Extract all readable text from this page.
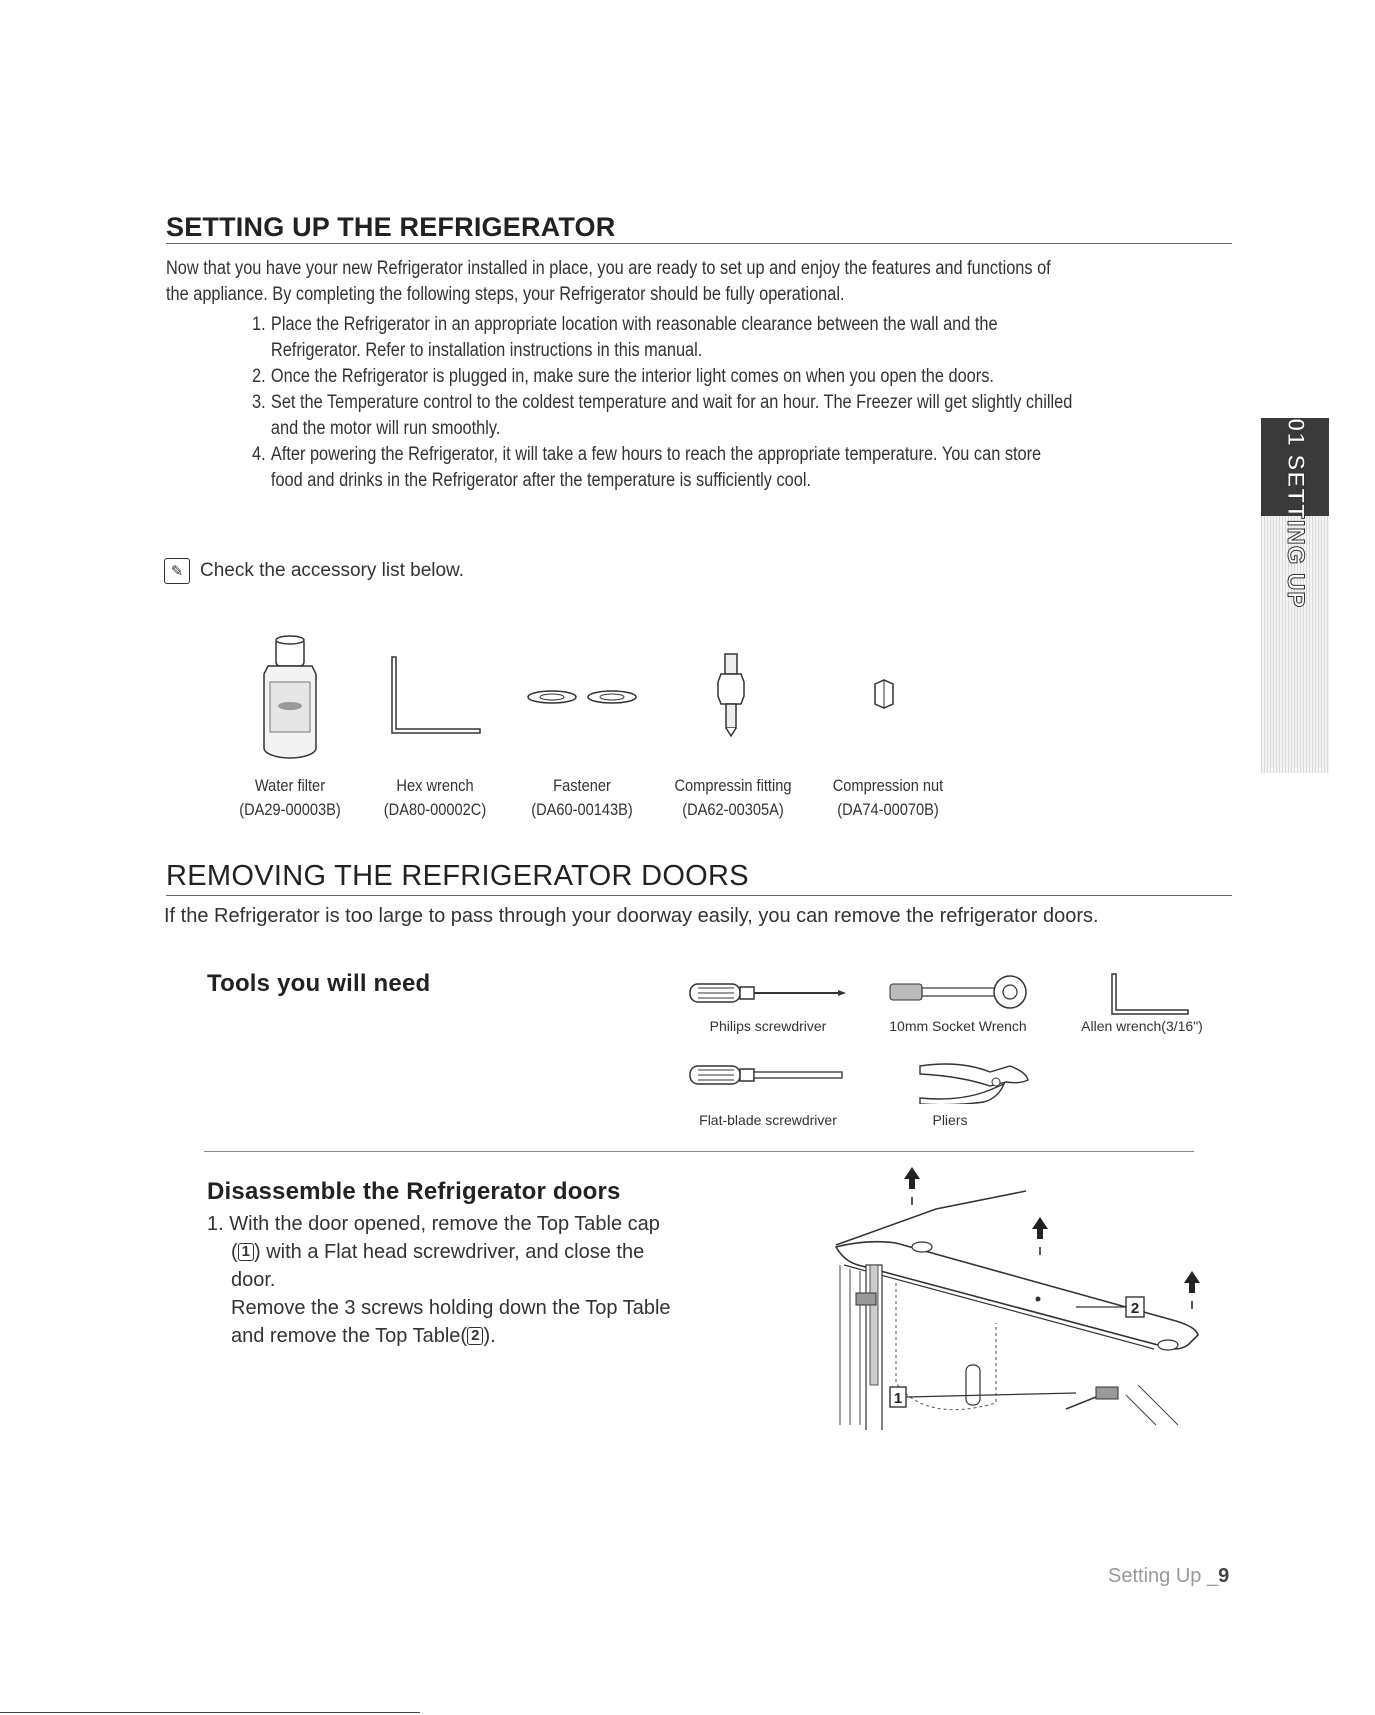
SETTING UP THE REFRIGERATOR
Now that you have your new Refrigerator installed in place, you are ready to set up and enjoy the features and functions of
the appliance. By completing the following steps, your Refrigerator should be fully operational.
1. Place the Refrigerator in an appropriate location with reasonable clearance between the wall and the
Refrigerator. Refer to installation instructions in this manual.
2. Once the Refrigerator is plugged in, make sure the interior light comes on when you open the doors.
3. Set the Temperature control to the coldest temperature and wait for an hour. The Freezer will get slightly chilled
and the motor will run smoothly.
4. After powering the Refrigerator, it will take a few hours to reach the appropriate temperature. You can store
food and drinks in the Refrigerator after the temperature is sufficiently cool.
✎ Check the accessory list below.
Water filter
(DA29-00003B)
Hex wrench
(DA80-00002C)
Fastener
(DA60-00143B)
Compressin fitting
(DA62-00305A)
Compression nut
(DA74-00070B)
REMOVING THE REFRIGERATOR DOORS
If the Refrigerator is too large to pass through your doorway easily, you can remove the refrigerator doors.
Tools you will need
Philips screwdriver	10mm Socket Wrench	Allen wrench(3/16")
Flat-blade screwdriver	Pliers
Disassemble the Refrigerator doors
1. With the door opened, remove the Top Table cap
( 1 ) with a Flat head screwdriver, and close the
door.
Remove the 3 screws holding down the Top Table
and remove the Top Table( 2 ).
1
2
01 SETTING UP
Setting Up _9
